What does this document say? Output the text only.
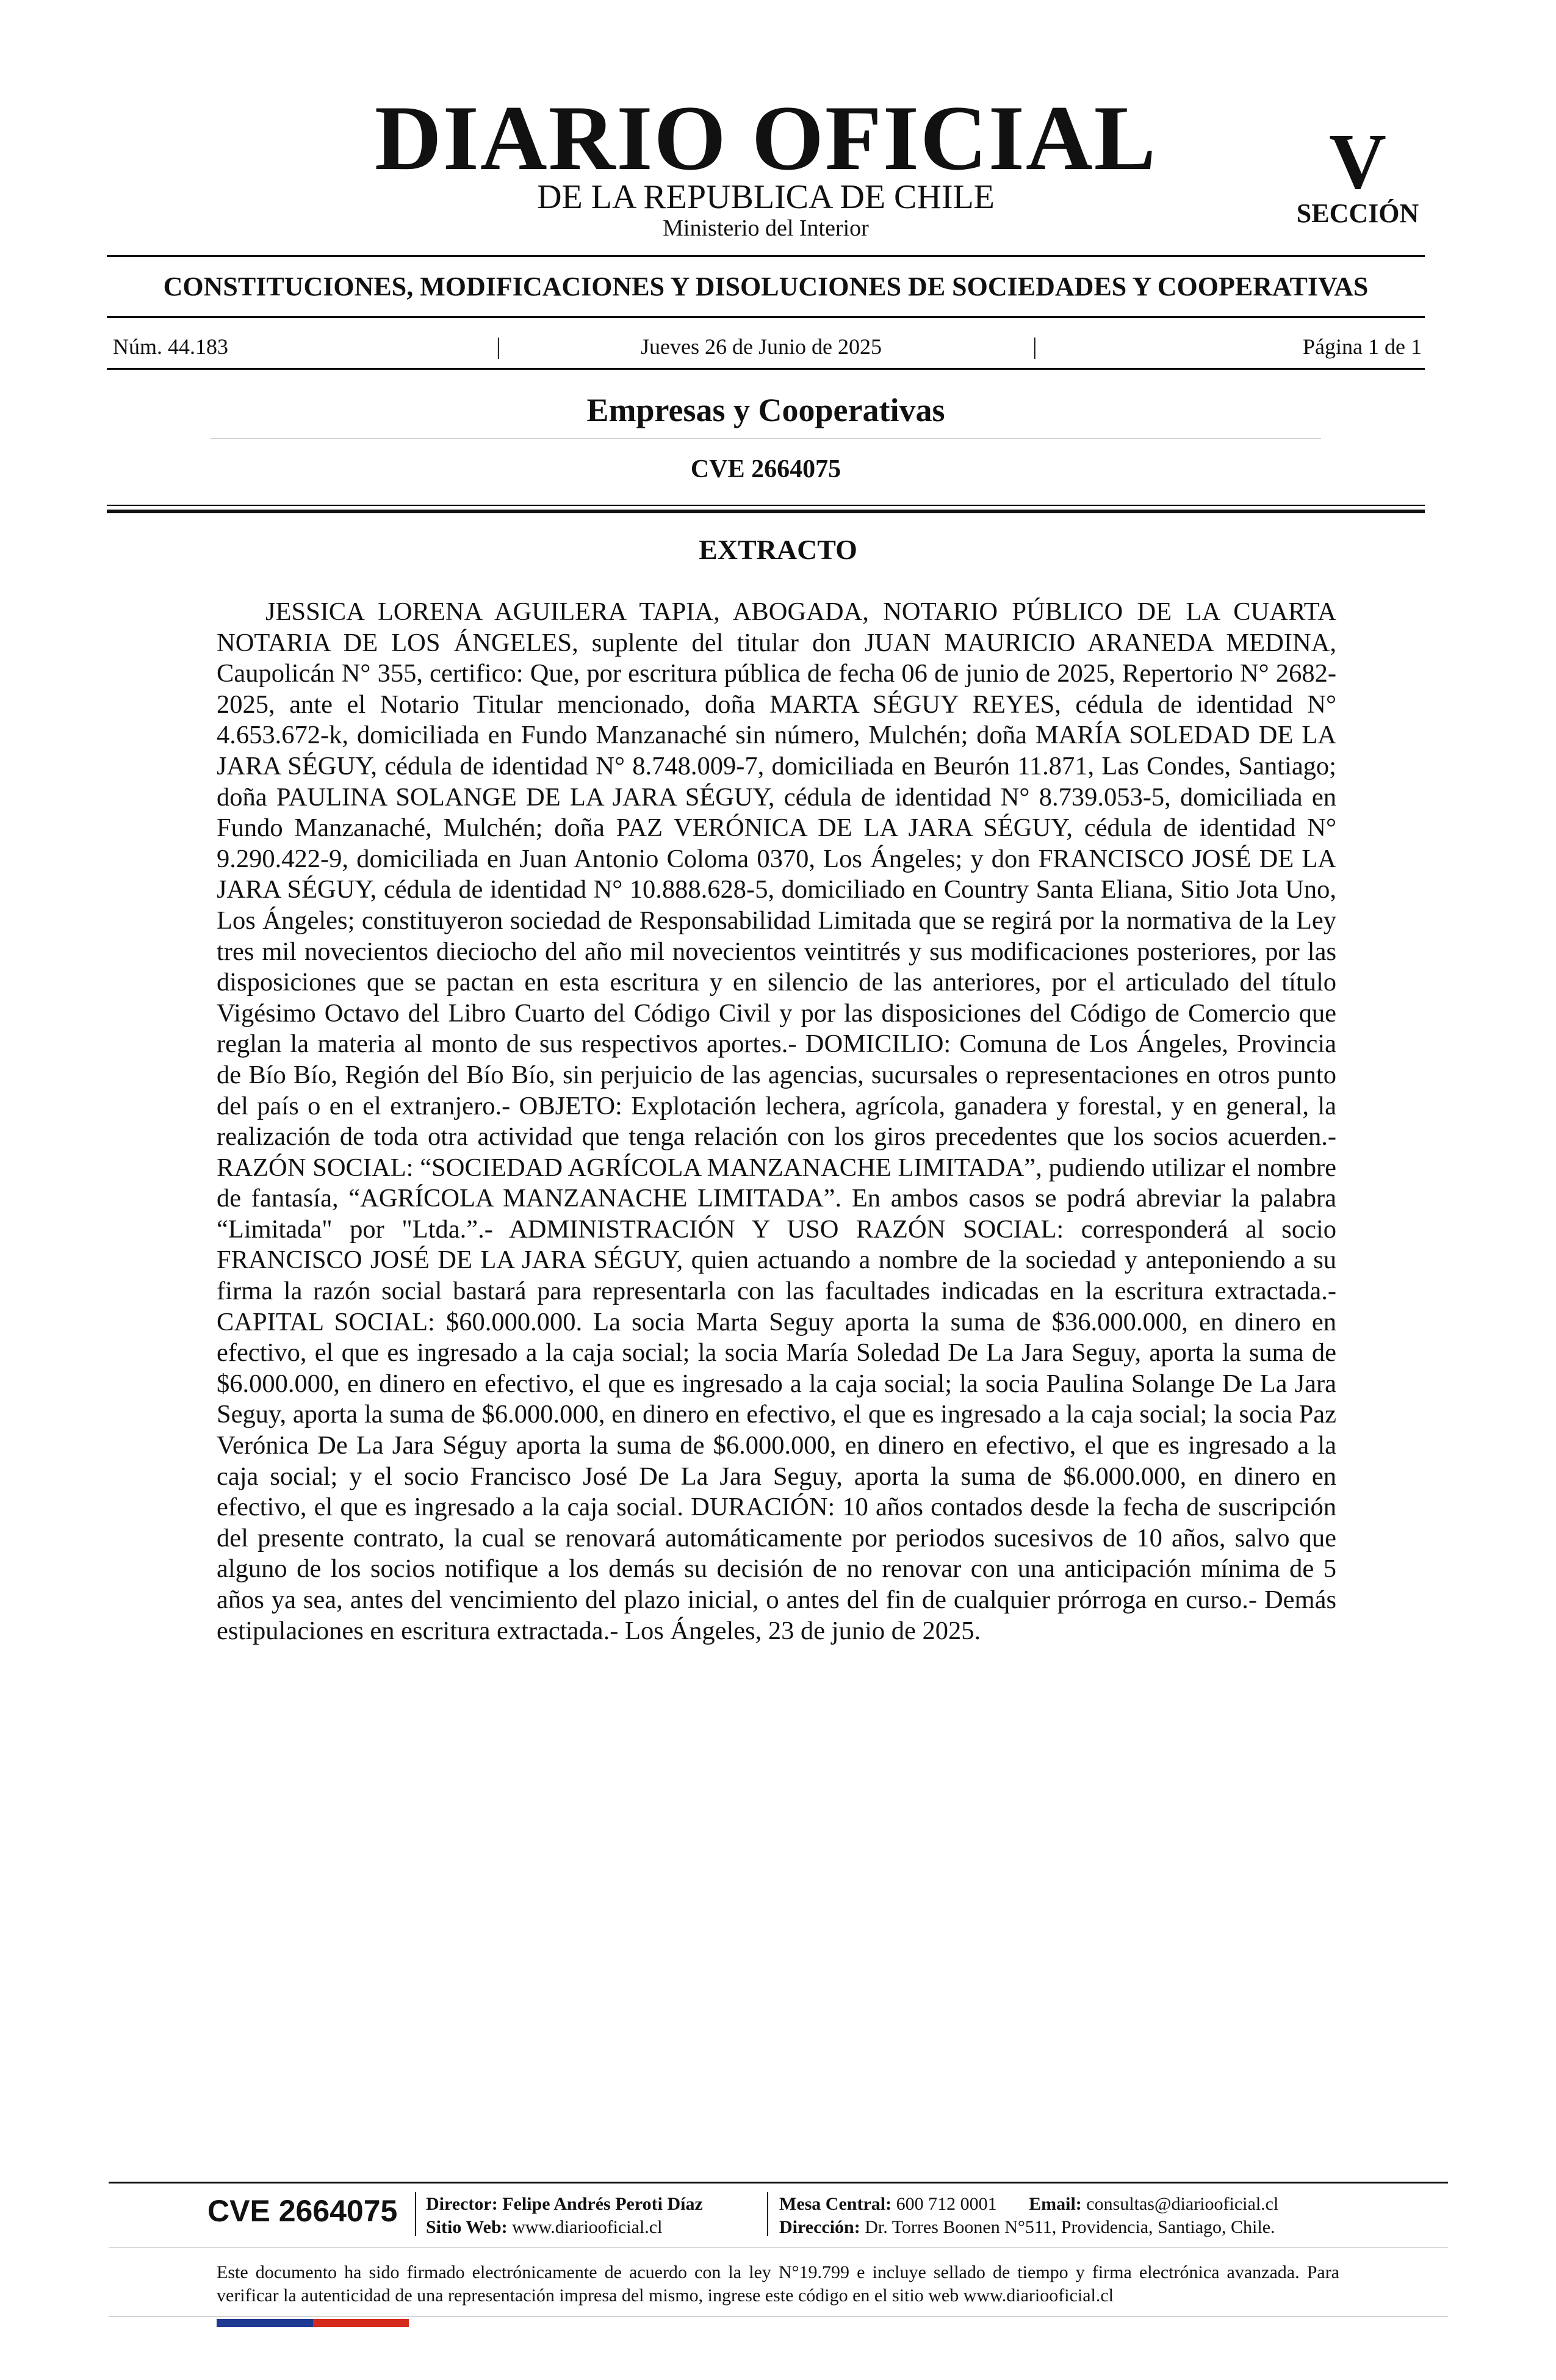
DIARIO OFICIAL
DE LA REPUBLICA DE CHILE
Ministerio del Interior
V
SECCIÓN
CONSTITUCIONES, MODIFICACIONES Y DISOLUCIONES DE SOCIEDADES Y COOPERATIVAS
Núm. 44.183	|	Jueves 26 de Junio de 2025	|	Página 1 de 1
Empresas y Cooperativas
CVE 2664075
EXTRACTO
JESSICA LORENA AGUILERA TAPIA, ABOGADA, NOTARIO PÚBLICO DE LA CUARTA NOTARIA DE LOS ÁNGELES, suplente del titular don JUAN MAURICIO ARANEDA MEDINA, Caupolicán N° 355, certifico: Que, por escritura pública de fecha 06 de junio de 2025, Repertorio N° 2682-2025, ante el Notario Titular mencionado, doña MARTA SÉGUY REYES, cédula de identidad N° 4.653.672-k, domiciliada en Fundo Manzanaché sin número, Mulchén; doña MARÍA SOLEDAD DE LA JARA SÉGUY, cédula de identidad N° 8.748.009-7, domiciliada en Beurón 11.871, Las Condes, Santiago; doña PAULINA SOLANGE DE LA JARA SÉGUY, cédula de identidad N° 8.739.053-5, domiciliada en Fundo Manzanaché, Mulchén; doña PAZ VERÓNICA DE LA JARA SÉGUY, cédula de identidad N° 9.290.422-9, domiciliada en Juan Antonio Coloma 0370, Los Ángeles; y don FRANCISCO JOSÉ DE LA JARA SÉGUY, cédula de identidad N° 10.888.628-5, domiciliado en Country Santa Eliana, Sitio Jota Uno, Los Ángeles; constituyeron sociedad de Responsabilidad Limitada que se regirá por la normativa de la Ley tres mil novecientos dieciocho del año mil novecientos veintitrés y sus modificaciones posteriores, por las disposiciones que se pactan en esta escritura y en silencio de las anteriores, por el articulado del título Vigésimo Octavo del Libro Cuarto del Código Civil y por las disposiciones del Código de Comercio que reglan la materia al monto de sus respectivos aportes.- DOMICILIO: Comuna de Los Ángeles, Provincia de Bío Bío, Región del Bío Bío, sin perjuicio de las agencias, sucursales o representaciones en otros punto del país o en el extranjero.- OBJETO: Explotación lechera, agrícola, ganadera y forestal, y en general, la realización de toda otra actividad que tenga relación con los giros precedentes que los socios acuerden.- RAZÓN SOCIAL: “SOCIEDAD AGRÍCOLA MANZANACHE LIMITADA”, pudiendo utilizar el nombre de fantasía, “AGRÍCOLA MANZANACHE LIMITADA”. En ambos casos se podrá abreviar la palabra “Limitada" por "Ltda.”.- ADMINISTRACIÓN Y USO RAZÓN SOCIAL: corresponderá al socio FRANCISCO JOSÉ DE LA JARA SÉGUY, quien actuando a nombre de la sociedad y anteponiendo a su firma la razón social bastará para representarla con las facultades indicadas en la escritura extractada.- CAPITAL SOCIAL: $60.000.000. La socia Marta Seguy aporta la suma de $36.000.000, en dinero en efectivo, el que es ingresado a la caja social; la socia María Soledad De La Jara Seguy, aporta la suma de $6.000.000, en dinero en efectivo, el que es ingresado a la caja social; la socia Paulina Solange De La Jara Seguy, aporta la suma de $6.000.000, en dinero en efectivo, el que es ingresado a la caja social; la socia Paz Verónica De La Jara Séguy aporta la suma de $6.000.000, en dinero en efectivo, el que es ingresado a la caja social; y el socio Francisco José De La Jara Seguy, aporta la suma de $6.000.000, en dinero en efectivo, el que es ingresado a la caja social. DURACIÓN: 10 años contados desde la fecha de suscripción del presente contrato, la cual se renovará automáticamente por periodos sucesivos de 10 años, salvo que alguno de los socios notifique a los demás su decisión de no renovar con una anticipación mínima de 5 años ya sea, antes del vencimiento del plazo inicial, o antes del fin de cualquier prórroga en curso.- Demás estipulaciones en escritura extractada.- Los Ángeles, 23 de junio de 2025.
CVE 2664075 Director: Felipe Andrés Peroti Díaz
Sitio Web: www.diariooficial.cl
Mesa Central: 600 712 0001 Email: consultas@diariooficial.cl
Dirección: Dr. Torres Boonen N°511, Providencia, Santiago, Chile.
Este documento ha sido firmado electrónicamente de acuerdo con la ley N°19.799 e incluye sellado de tiempo y firma electrónica avanzada. Para verificar la autenticidad de una representación impresa del mismo, ingrese este código en el sitio web www.diariooficial.cl
